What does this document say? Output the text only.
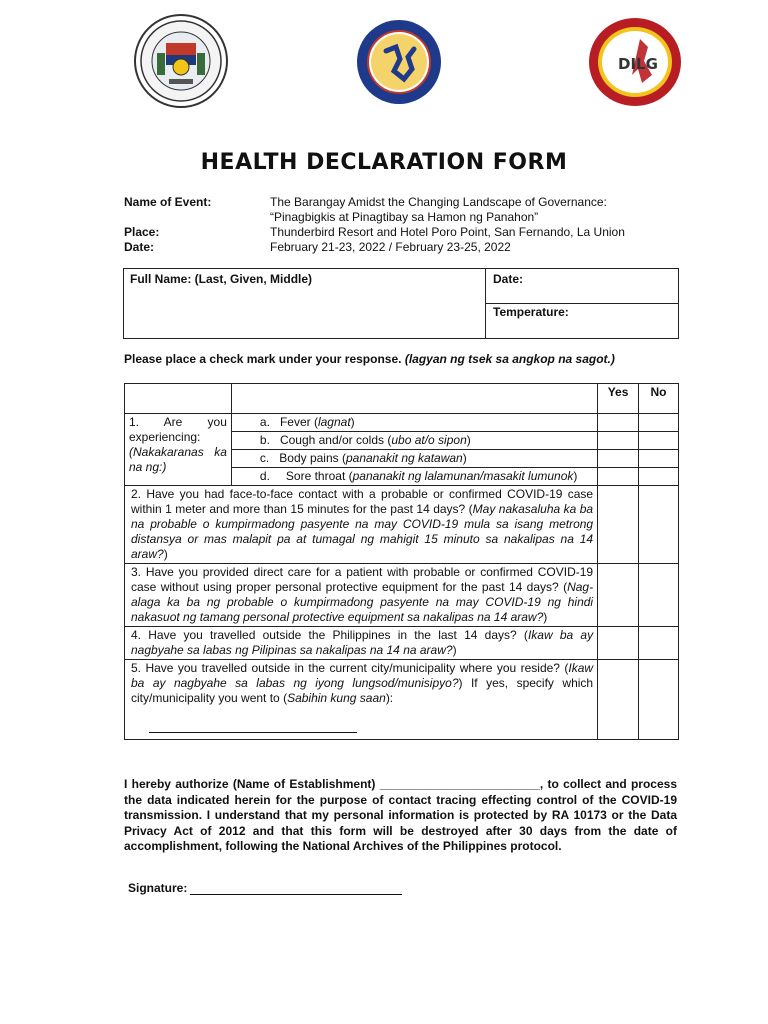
DILG
HEALTH DECLARATION FORM
Name of Event:	The Barangay Amidst the Changing Landscape of Governance:
“Pinagbigkis at Pinagtibay sa Hamon ng Panahon”
Place:	Thunderbird Resort and Hotel Poro Point, San Fernando, La Union
Date:	February 21-23, 2022 / February 23-25, 2022
Full Name: (Last, Given, Middle)	Date:
Temperature:
Please place a check mark under your response. (lagyan ng tsek sa angkop na sagot.)
		Yes	No
1. Are you experiencing:
(Nakakaranas ka na ng:)	a. Fever (lagnat)		
	b. Cough and/or colds (ubo at/o sipon)		
	c. Body pains (pananakit ng katawan)		

	d. Sore throat (pananakit ng lalamunan/masakit lumunok)		

2. Have you had face-to-face contact with a probable or confirmed COVID-19 case within 1 meter and more than 15 minutes for the past 14 days? (May nakasaluha ka ba na probable o kumpirmadong pasyente na may COVID-19 mula sa isang metrong distansya or mas malapit pa at tumagal ng mahigit 15 minuto sa nakalipas na 14 araw?)			
3. Have you provided direct care for a patient with probable or confirmed COVID-19 case without using proper personal protective equipment for the past 14 days? (Nag-alaga ka ba ng probable o kumpirmadong pasyente na may COVID-19 ng hindi nakasuot ng tamang personal protective equipment sa nakalipas na 14 araw?)			
4. Have you travelled outside the Philippines in the last 14 days? (Ikaw ba ay nagbyahe sa labas ng Pilipinas sa nakalipas na 14 na araw?)			

5. Have you travelled outside in the current city/municipality where you reside? (Ikaw ba ay nagbyahe sa labas ng iyong lungsod/munisipyo?) If yes, specify which city/municipality you went to (Sabihin kung saan):			

I hereby authorize (Name of Establishment) ________________________, to collect and process the data indicated herein for the purpose of contact tracing effecting control of the COVID-19 transmission. I understand that my personal information is protected by RA 10173 or the Data Privacy Act of 2012 and that this form will be destroyed after 30 days from the date of accomplishment, following the National Archives of the Philippines protocol.
Signature:
